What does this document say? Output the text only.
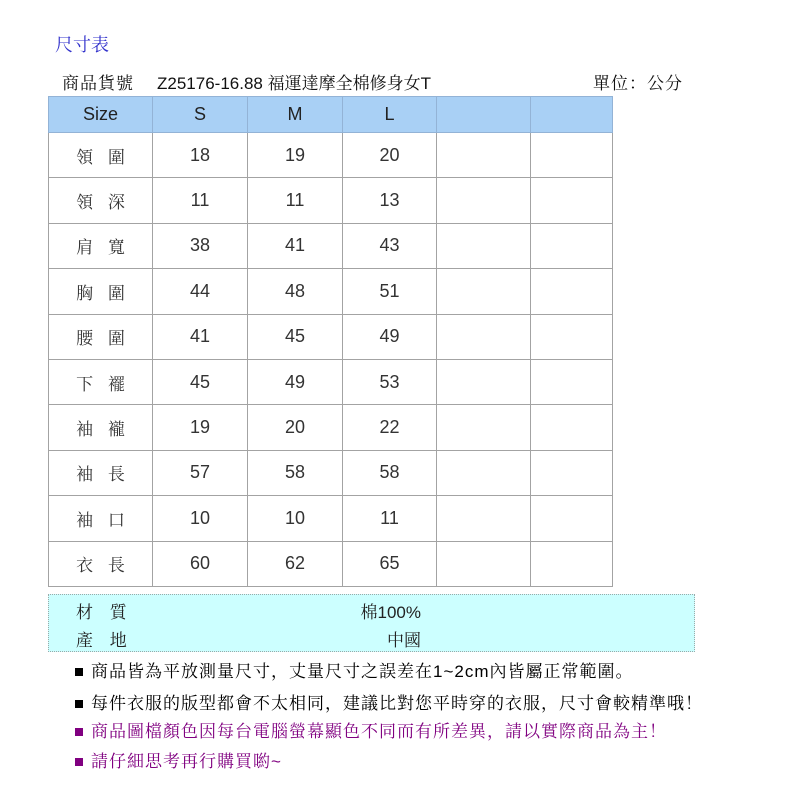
尺寸表
商品貨號 Z25176-16.88 福運達摩全棉修身女T	單位：公分
Size	S	M	L		
領 圍	18	19	20		
領 深	11	11	13		
肩 寬	38	41	43		
胸 圍	44	48	51		
腰 圍	41	45	49		
下 襬	45	49	53		
袖 襱	19	20	22		
袖 長	57	58	58		
袖 口	10	10	11		
衣 長	60	62	65		
材 質	棉100%
產 地	中國
商品皆為平放測量尺寸，丈量尺寸之誤差在1~2cm內皆屬正常範圍。
每件衣服的版型都會不太相同，建議比對您平時穿的衣服，尺寸會較精準哦！
商品圖檔顏色因每台電腦螢幕顯色不同而有所差異，請以實際商品為主！
請仔細思考再行購買喲~
